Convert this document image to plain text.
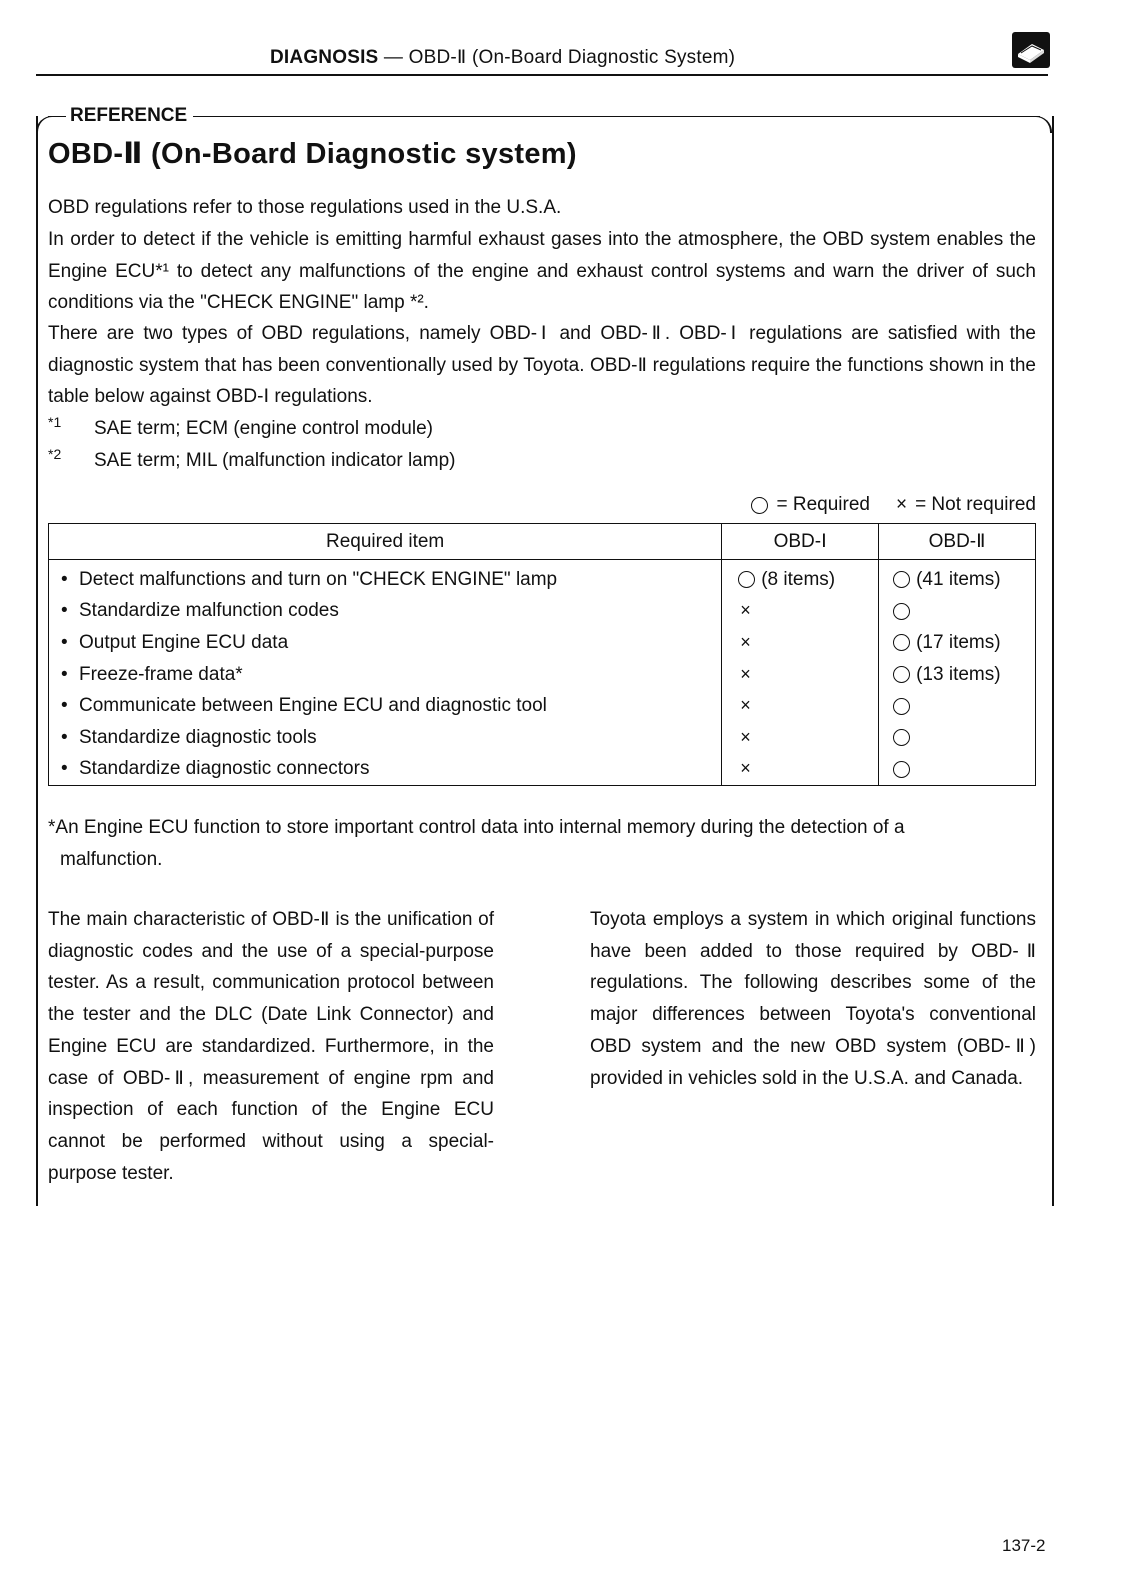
DIAGNOSIS — OBD-Ⅱ (On-Board Diagnostic System)
REFERENCE
OBD-Ⅱ (On-Board Diagnostic system)
OBD regulations refer to those regulations used in the U.S.A.
In order to detect if the vehicle is emitting harmful exhaust gases into the atmosphere, the OBD system enables the Engine ECU*¹ to detect any malfunctions of the engine and exhaust control systems and warn the driver of such conditions via the "CHECK ENGINE" lamp *².
There are two types of OBD regulations, namely OBD-Ⅰ and OBD-Ⅱ. OBD-Ⅰ regulations are satisfied with the diagnostic system that has been conventionally used by Toyota. OBD-Ⅱ regulations require the functions shown in the table below against OBD-Ⅰ regulations.
*1 SAE term; ECM (engine control module)
*2 SAE term; MIL (malfunction indicator lamp)
= Required × = Not required
Required item	OBD-Ⅰ	OBD-Ⅱ
• Detect malfunctions and turn on "CHECK ENGINE" lamp	(8 items)	(41 items)
• Standardize malfunction codes	×	
• Output Engine ECU data	×	(17 items)
• Freeze-frame data*	×	(13 items)
• Communicate between Engine ECU and diagnostic tool	×	
• Standardize diagnostic tools	×	
• Standardize diagnostic connectors	×	
*An Engine ECU function to store important control data into internal memory during the detection of a
malfunction.

The main characteristic of OBD-Ⅱ is the unification of diagnostic codes and the use of a special-purpose tester. As a result, communication protocol between the tester and the DLC (Date Link Connector) and Engine ECU are standardized. Furthermore, in the case of OBD-Ⅱ, measurement of engine rpm and inspection of each function of the Engine ECU cannot be performed without using a special-purpose tester.

Toyota employs a system in which original functions have been added to those required by OBD-Ⅱ regulations. The following describes some of the major differences between Toyota's conventional OBD system and the new OBD system (OBD-Ⅱ) provided in vehicles sold in the U.S.A. and Canada.

137-2
